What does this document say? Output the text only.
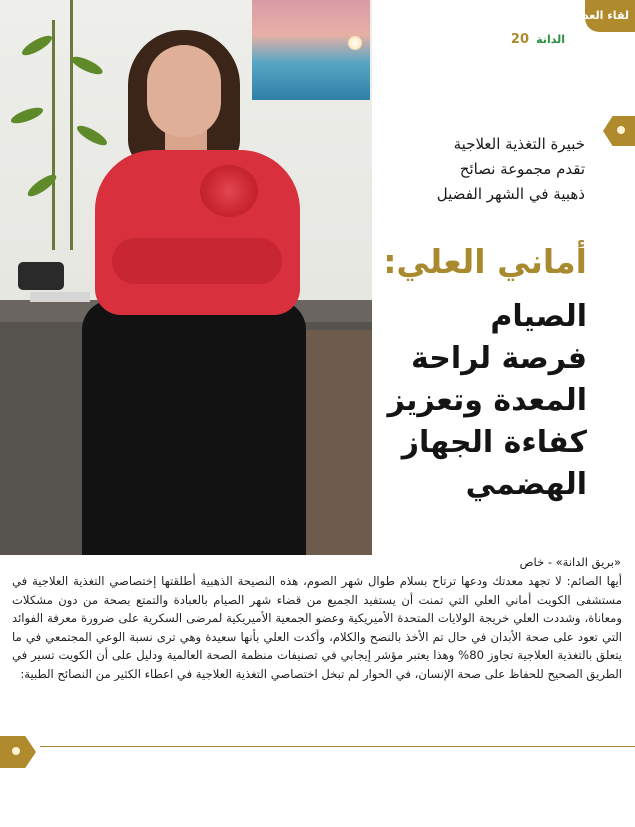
لقاء العدد
20 الدانة
خبيرة التغذية العلاجية
تقدم مجموعة نصائح
ذهبية في الشهر الفضيل
أماني العلي:
الصيام
فرصة لراحة
المعدة وتعزيز
كفاءة الجهاز
الهضمي
«بريق الدانة» - خاص
أيها الصائم: لا تجهد معدتك ودعها ترتاح بسلام طوال شهر الصوم، هذه النصيحة الذهبية أطلقتها إختصاصي التغذية العلاجية في مستشفى الكويت أماني العلي التي تمنت أن يستفيد الجميع من قضاء شهر الصيام بالعبادة والتمتع بصحة من دون مشكلات ومعاناة، وشددت العلي خريجة الولايات المتحدة الأميريكية وعضو الجمعية الأميريكية لمرضى السكرية على ضرورة معرفة الفوائد التي تعود على صحة الأبدان في حال تم الأخذ بالنصح والكلام، وأكدت العلي بأنها سعيدة وهي ترى نسبة الوعي المجتمعي في ما يتعلق بالتغذية العلاجية تجاوز 80% وهذا يعتبر مؤشر إيجابي في تصنيفات منظمة الصحة العالمية ودليل على أن الكويت تسير في الطريق الصحيح للحفاظ على صحة الإنسان، في الحوار لم تبخل اختصاصي التغذية العلاجية في اعطاء الكثير من النصائح الطبية:
